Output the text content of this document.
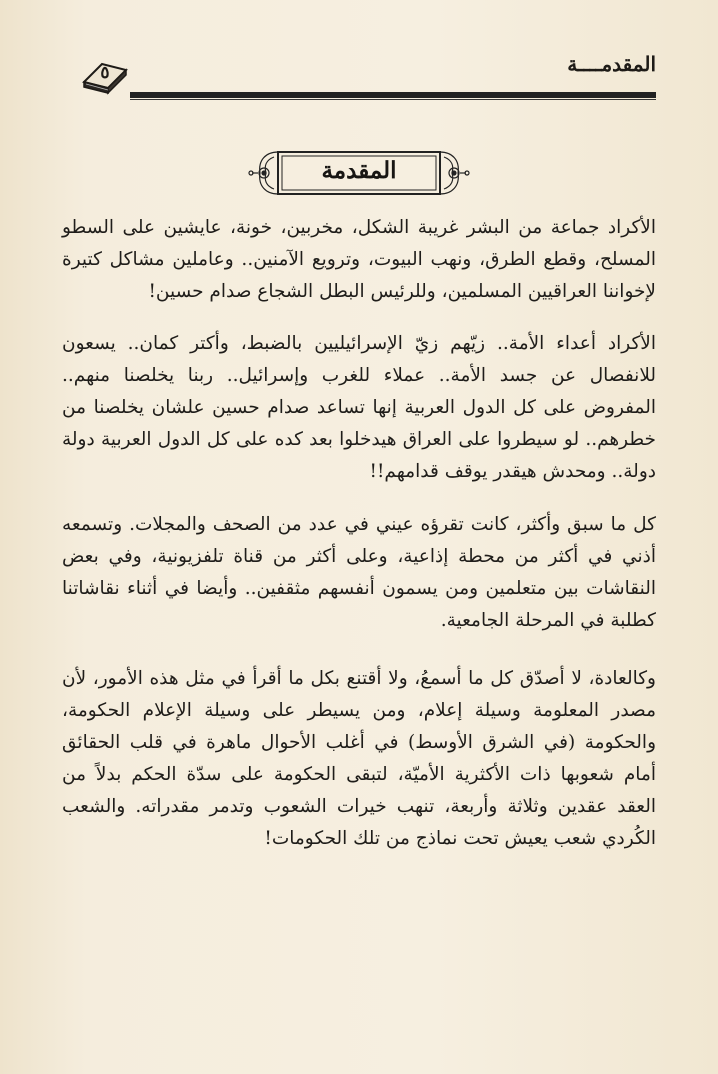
المقدمــــة
٥
المقدمة

الأكراد جماعة من البشر غريبة الشكل، مخربين، خونة، عايشين على السطو المسلح، وقطع الطرق، ونهب البيوت، وترويع الآمنين.. وعاملين مشاكل كتيرة لإخواننا العراقيين المسلمين، وللرئيس البطل الشجاع صدام حسين!

الأكراد أعداء الأمة.. زيّهم زيّ الإسرائيليين بالضبط، وأكتر كمان.. يسعون للانفصال عن جسد الأمة.. عملاء للغرب وإسرائيل.. ربنا يخلصنا منهم.. المفروض على كل الدول العربية إنها تساعد صدام حسين علشان يخلصنا من خطرهم.. لو سيطروا على العراق هيدخلوا بعد كده على كل الدول العربية دولة دولة.. ومحدش هيقدر يوقف قدامهم!!

كل ما سبق وأكثر، كانت تقرؤه عيني في عدد من الصحف والمجلات. وتسمعه أذني في أكثر من محطة إذاعية، وعلى أكثر من قناة تلفزيونية، وفي بعض النقاشات بين متعلمين ومن يسمون أنفسهم مثقفين.. وأيضا في أثناء نقاشاتنا كطلبة في المرحلة الجامعية.

وكالعادة، لا أصدّق كل ما أسمعُ، ولا أقتنع بكل ما أقرأ في مثل هذه الأمور، لأن مصدر المعلومة وسيلة إعلام، ومن يسيطر على وسيلة الإعلام الحكومة، والحكومة (في الشرق الأوسط) في أغلب الأحوال ماهرة في قلب الحقائق أمام شعوبها ذات الأكثرية الأميّة، لتبقى الحكومة على سدّة الحكم بدلاً من العقد عقدين وثلاثة وأربعة، تنهب خيرات الشعوب وتدمر مقدراته. والشعب الكُردي شعب يعيش تحت نماذج من تلك الحكومات!
